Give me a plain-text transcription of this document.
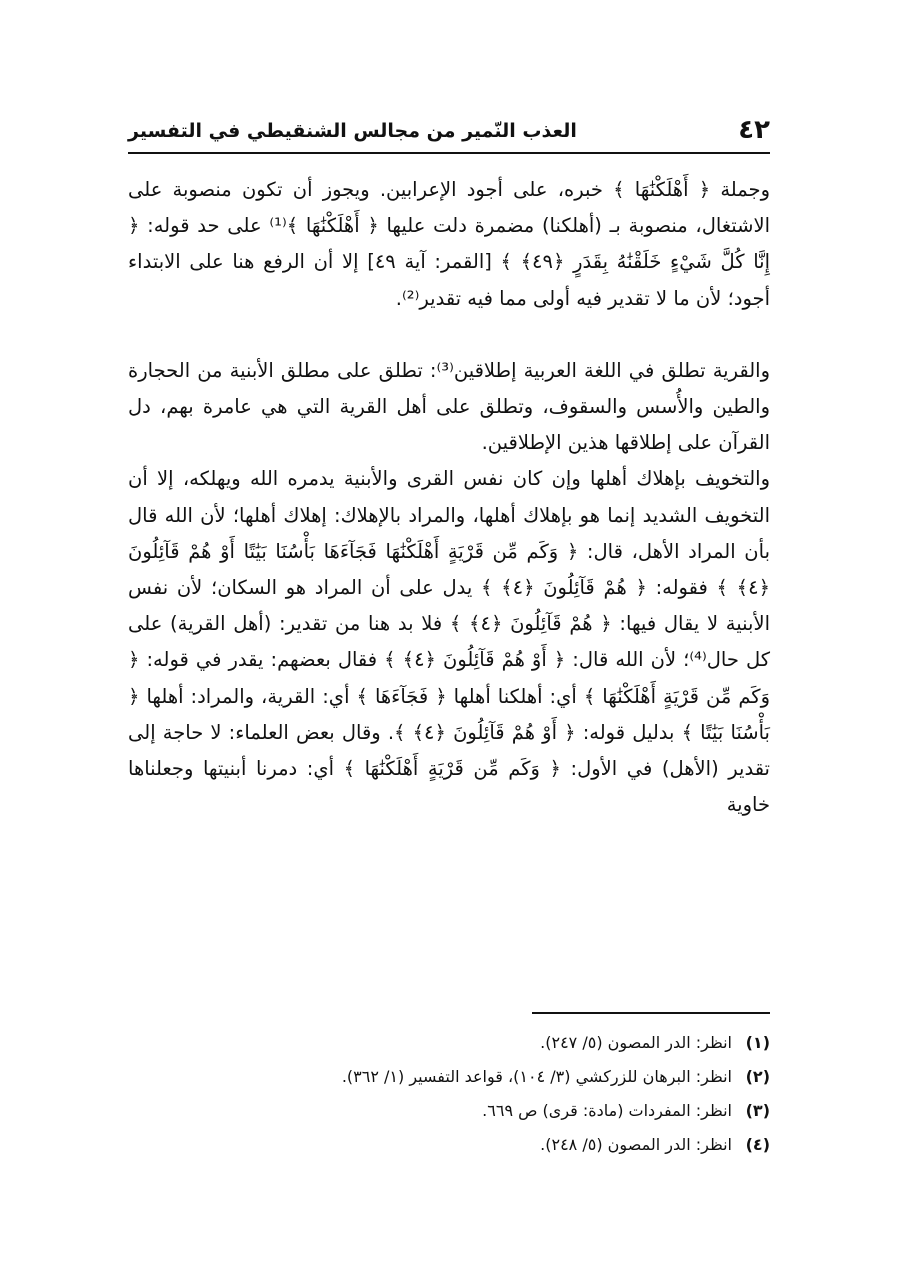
٤٢
العذب النّمير من مجالس الشنقيطي في التفسير

وجملة ﴿ أَهْلَكْنَٰهَا ﴾ خبره، على أجود الإعرابين. ويجوز أن تكون منصوبة على الاشتغال، منصوبة بـ (أهلكنا) مضمرة دلت عليها ﴿ أَهْلَكْنَٰهَا ﴾⁽¹⁾ على حد قوله: ﴿ إِنَّا كُلَّ شَيْءٍ خَلَقْنَٰهُ بِقَدَرٍ ﴿٤٩﴾ ﴾ [القمر: آية ٤٩] إلا أن الرفع هنا على الابتداء أجود؛ لأن ما لا تقدير فيه أولى مما فيه تقدير⁽²⁾.

والقرية تطلق في اللغة العربية إطلاقين⁽³⁾: تطلق على مطلق الأبنية من الحجارة والطين والأُسس والسقوف، وتطلق على أهل القرية التي هي عامرة بهم، دل القرآن على إطلاقها هذين الإطلاقين.

والتخويف بإهلاك أهلها وإن كان نفس القرى والأبنية يدمره الله ويهلكه، إلا أن التخويف الشديد إنما هو بإهلاك أهلها، والمراد بالإهلاك: إهلاك أهلها؛ لأن الله قال بأن المراد الأهل، قال: ﴿ وَكَم مِّن قَرْيَةٍ أَهْلَكْنَٰهَا فَجَآءَهَا بَأْسُنَا بَيَٰتًا أَوْ هُمْ قَآئِلُونَ ﴿٤﴾ ﴾ فقوله: ﴿ هُمْ قَآئِلُونَ ﴿٤﴾ ﴾ يدل على أن المراد هو السكان؛ لأن نفس الأبنية لا يقال فيها: ﴿ هُمْ قَآئِلُونَ ﴿٤﴾ ﴾ فلا بد هنا من تقدير: (أهل القرية) على كل حال⁽⁴⁾؛ لأن الله قال: ﴿ أَوْ هُمْ قَآئِلُونَ ﴿٤﴾ ﴾ فقال بعضهم: يقدر في قوله: ﴿ وَكَم مِّن قَرْيَةٍ أَهْلَكْنَٰهَا ﴾ أي: أهلكنا أهلها ﴿ فَجَآءَهَا ﴾ أي: القرية، والمراد: أهلها ﴿ بَأْسُنَا بَيَٰتًا ﴾ بدليل قوله: ﴿ أَوْ هُمْ قَآئِلُونَ ﴿٤﴾ ﴾. وقال بعض العلماء: لا حاجة إلى تقدير (الأهل) في الأول: ﴿ وَكَم مِّن قَرْيَةٍ أَهْلَكْنَٰهَا ﴾ أي: دمرنا أبنيتها وجعلناها خاوية

(١)
انظر: الدر المصون (٥/ ٢٤٧).
(٢)
انظر: البرهان للزركشي (٣/ ١٠٤)، قواعد التفسير (١/ ٣٦٢).
(٣)
انظر: المفردات (مادة: قرى) ص ٦٦٩.
(٤)
انظر: الدر المصون (٥/ ٢٤٨).
